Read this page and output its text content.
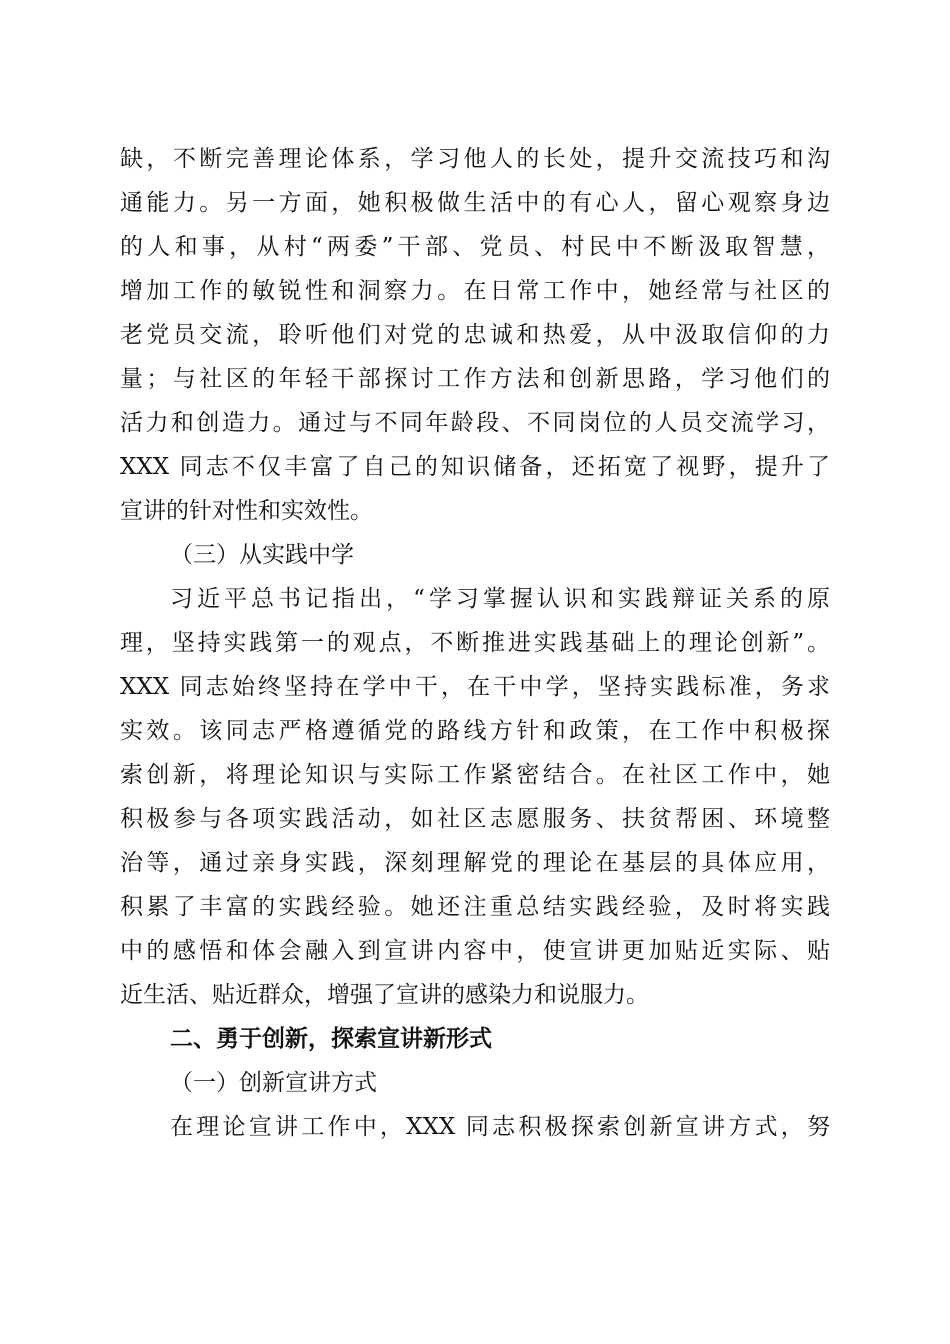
缺，不断完善理论体系，学习他人的长处，提升交流技巧和沟

通能力。另一方面，她积极做生活中的有心人，留心观察身边

的人和事，从村“两委”干部、党员、村民中不断汲取智慧，

增加工作的敏锐性和洞察力。在日常工作中，她经常与社区的

老党员交流，聆听他们对党的忠诚和热爱，从中汲取信仰的力

量；与社区的年轻干部探讨工作方法和创新思路，学习他们的

活力和创造力。通过与不同年龄段、不同岗位的人员交流学习，

XXX 同志不仅丰富了自己的知识储备，还拓宽了视野，提升了

宣讲的针对性和实效性。

（三）从实践中学

习近平总书记指出，“学习掌握认识和实践辩证关系的原

理，坚持实践第一的观点，不断推进实践基础上的理论创新”。

XXX 同志始终坚持在学中干，在干中学，坚持实践标准，务求

实效。该同志严格遵循党的路线方针和政策，在工作中积极探

索创新，将理论知识与实际工作紧密结合。在社区工作中，她

积极参与各项实践活动，如社区志愿服务、扶贫帮困、环境整

治等，通过亲身实践，深刻理解党的理论在基层的具体应用，

积累了丰富的实践经验。她还注重总结实践经验，及时将实践

中的感悟和体会融入到宣讲内容中，使宣讲更加贴近实际、贴

近生活、贴近群众，增强了宣讲的感染力和说服力。

二、勇于创新，探索宣讲新形式

（一）创新宣讲方式

在理论宣讲工作中，XXX 同志积极探索创新宣讲方式，努
